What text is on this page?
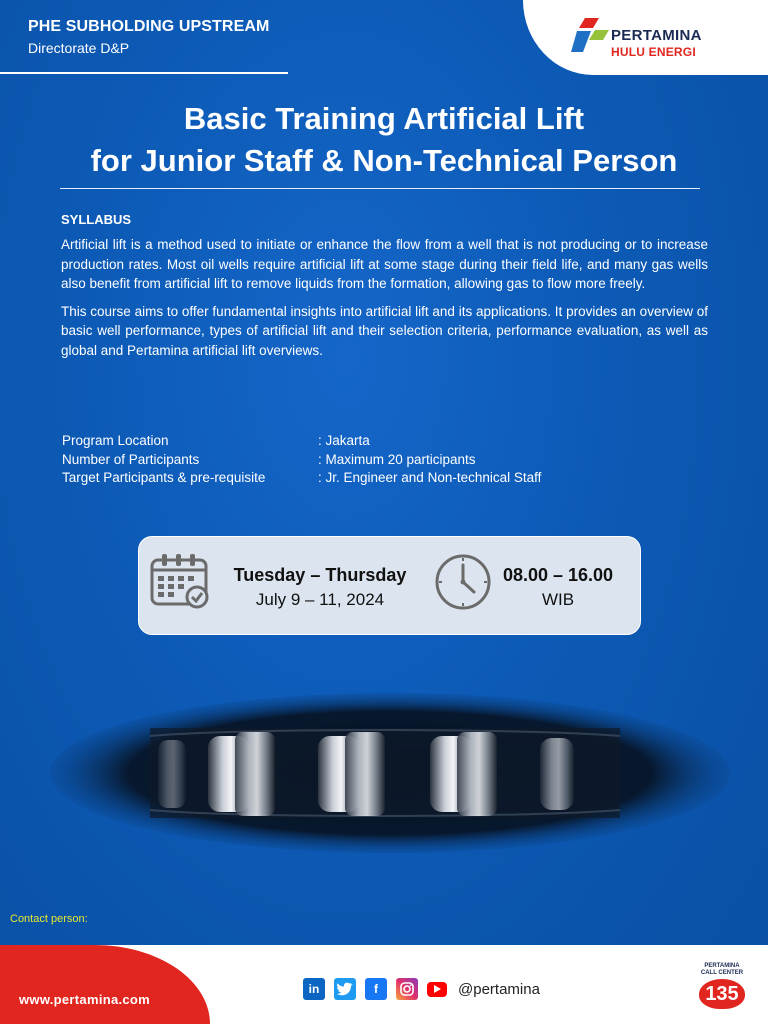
PHE SUBHOLDING UPSTREAM
Directorate D&P
PERTAMINA
HULU ENERGI
Basic Training Artificial Lift
for Junior Staff & Non-Technical Person
SYLLABUS

Artificial lift is a method used to initiate or enhance the flow from a well that is not producing or to increase production rates. Most oil wells require artificial lift at some stage during their field life, and many gas wells also benefit from artificial lift to remove liquids from the formation, allowing gas to flow more freely.

This course aims to offer fundamental insights into artificial lift and its applications. It provides an overview of basic well performance, types of artificial lift and their selection criteria, performance evaluation, as well as global and Pertamina artificial lift overviews.

Program Location	: Jakarta
Number of Participants	: Maximum 20 participants
Target Participants & pre-requisite	: Jr. Engineer and Non-technical Staff
Tuesday – Thursday
July 9 – 11, 2024
08.00 – 16.00
WIB
Contact person:
www.pertamina.com
in	f	@pertamina
PERTAMINA
CALL CENTER
135
